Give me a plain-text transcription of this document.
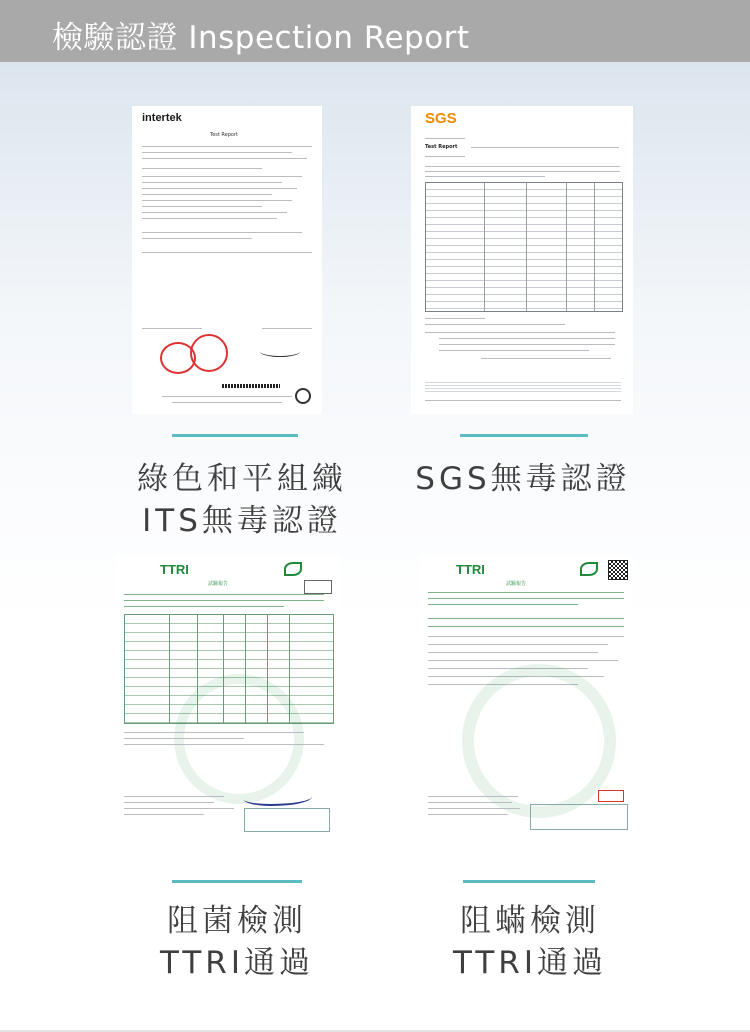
檢驗認證 Inspection Report
intertek
Test Report
綠色和平組織
ITS無毒認證
SGS
Test Report
SGS無毒認證
TTRI
試驗報告
阻菌檢測
TTRI通過
TTRI
試驗報告
阻蟎檢測
TTRI通過
